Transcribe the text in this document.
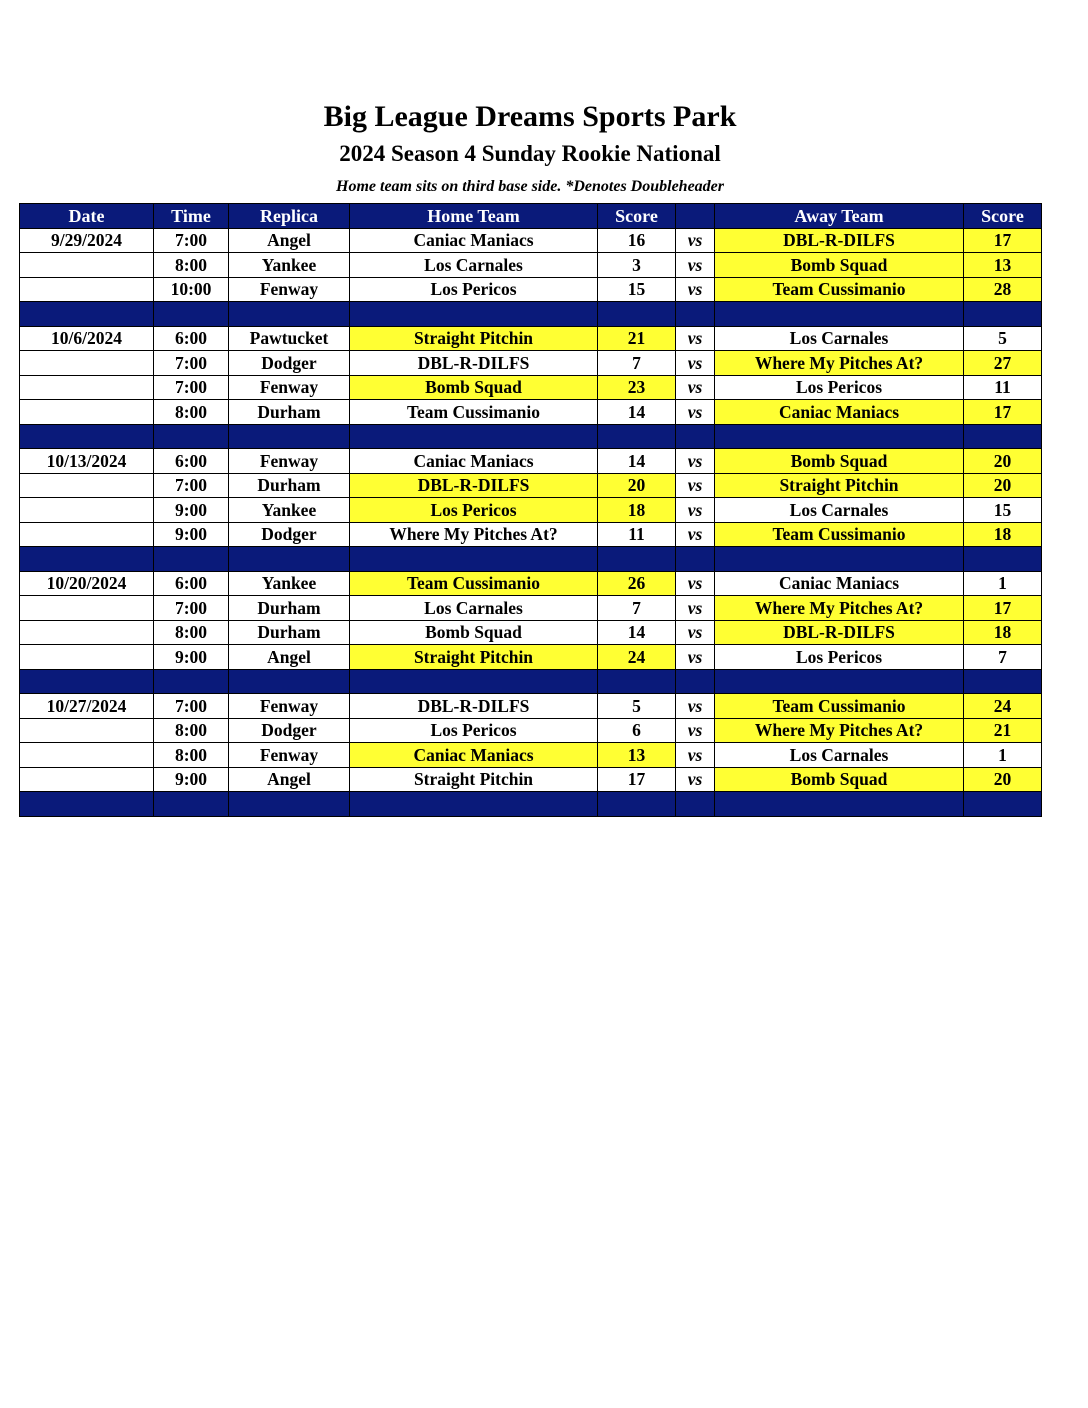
Big League Dreams Sports Park
2024 Season 4 Sunday Rookie National

Home team sits on third base side. *Denotes Doubleheader

Date	Time	Replica	Home Team	Score		Away Team	Score
9/29/2024	7:00	Angel	Caniac Maniacs	16	vs	DBL-R-DILFS	17
	8:00	Yankee	Los Carnales	3	vs	Bomb Squad	13
	10:00	Fenway	Los Pericos	15	vs	Team Cussimanio	28

10/6/2024	6:00	Pawtucket	Straight Pitchin	21	vs	Los Carnales	5
	7:00	Dodger	DBL-R-DILFS	7	vs	Where My Pitches At?	27
	7:00	Fenway	Bomb Squad	23	vs	Los Pericos	11
	8:00	Durham	Team Cussimanio	14	vs	Caniac Maniacs	17

10/13/2024	6:00	Fenway	Caniac Maniacs	14	vs	Bomb Squad	20
	7:00	Durham	DBL-R-DILFS	20	vs	Straight Pitchin	20
	9:00	Yankee	Los Pericos	18	vs	Los Carnales	15
	9:00	Dodger	Where My Pitches At?	11	vs	Team Cussimanio	18

10/20/2024	6:00	Yankee	Team Cussimanio	26	vs	Caniac Maniacs	1
	7:00	Durham	Los Carnales	7	vs	Where My Pitches At?	17
	8:00	Durham	Bomb Squad	14	vs	DBL-R-DILFS	18
	9:00	Angel	Straight Pitchin	24	vs	Los Pericos	7

10/27/2024	7:00	Fenway	DBL-R-DILFS	5	vs	Team Cussimanio	24
	8:00	Dodger	Los Pericos	6	vs	Where My Pitches At?	21
	8:00	Fenway	Caniac Maniacs	13	vs	Los Carnales	1
	9:00	Angel	Straight Pitchin	17	vs	Bomb Squad	20
